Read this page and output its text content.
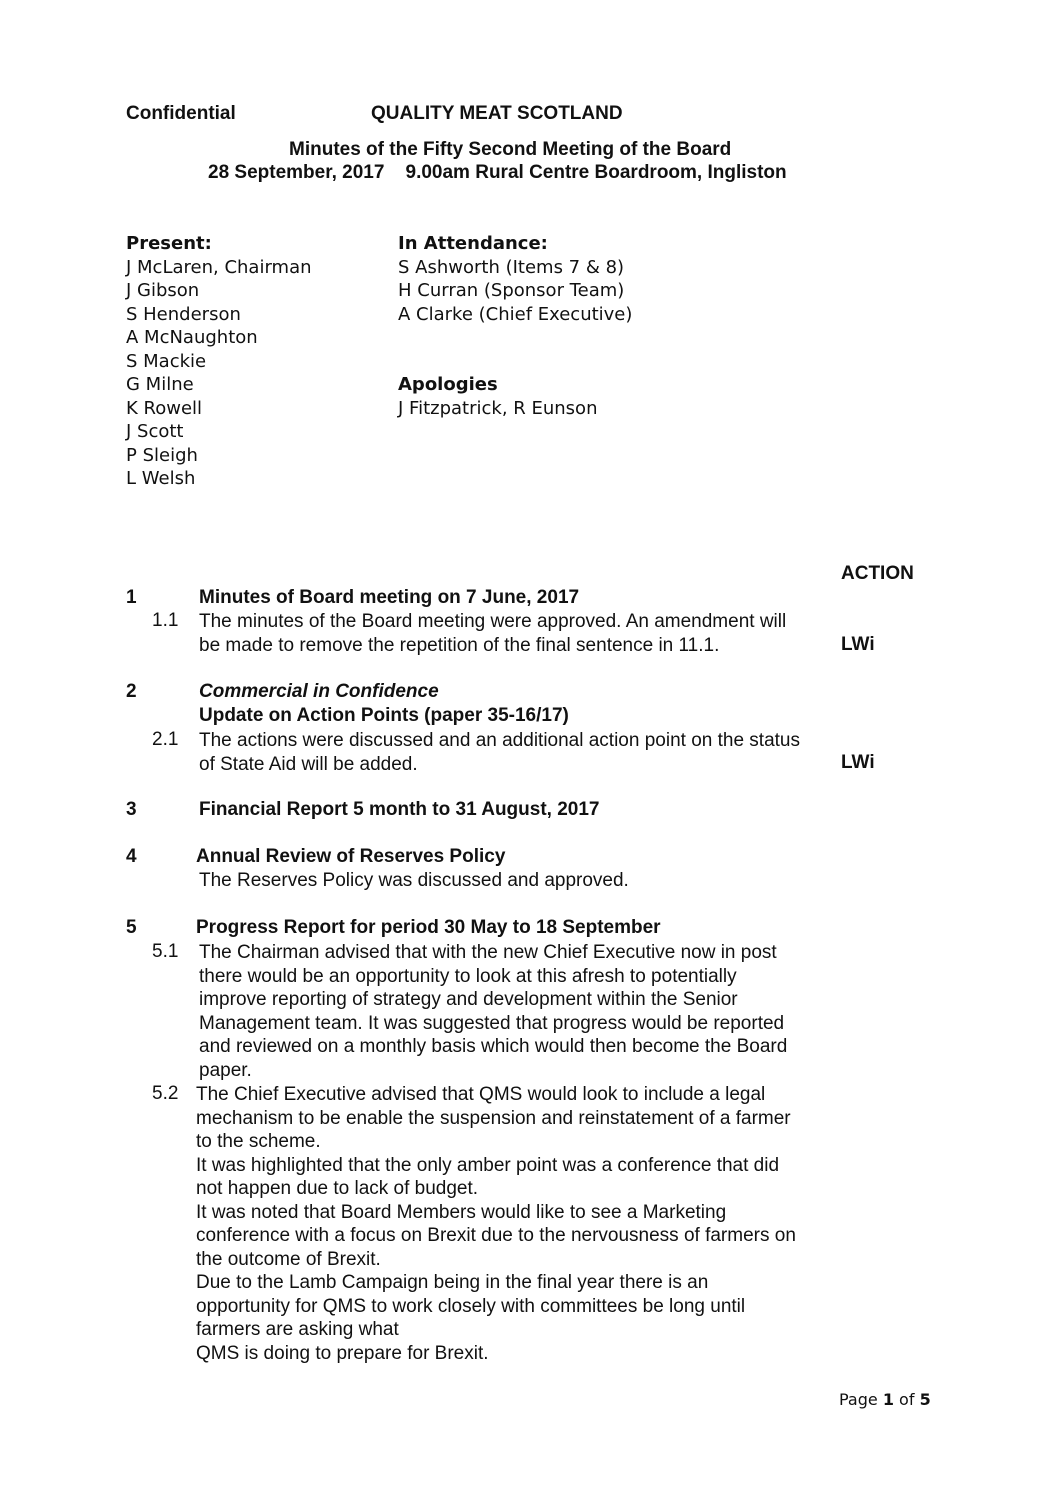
Confidential	QUALITY MEAT SCOTLAND
Minutes of the Fifty Second Meeting of the Board
28 September, 2017    9.00am Rural Centre Boardroom, Ingliston
Present:
J McLaren, Chairman
J Gibson
S Henderson
A McNaughton
S Mackie
G Milne
K Rowell
J Scott
P Sleigh
L Welsh
In Attendance:
S Ashworth (Items 7 & 8)
H Curran (Sponsor Team)
A Clarke (Chief Executive)
Apologies
J Fitzpatrick, R Eunson
ACTION
1	Minutes of Board meeting on 7 June, 2017
1.1 The minutes of the Board meeting were approved. An amendment will
be made to remove the repetition of the final sentence in 11.1.	LWi
2	Commercial in Confidence
Update on Action Points (paper 35-16/17)
2.1 The actions were discussed and an additional action point on the status
of State Aid will be added.	LWi
3	Financial Report 5 month to 31 August, 2017
4	Annual Review of Reserves Policy
The Reserves Policy was discussed and approved.
5	Progress Report for period 30 May to 18 September
5.1 The Chairman advised that with the new Chief Executive now in post
there would be an opportunity to look at this afresh to potentially
improve reporting of strategy and development within the Senior
Management team. It was suggested that progress would be reported
and reviewed on a monthly basis which would then become the Board
paper.
5.2 The Chief Executive advised that QMS would look to include a legal
mechanism to be enable the suspension and reinstatement of a farmer
to the scheme.
It was highlighted that the only amber point was a conference that did
not happen due to lack of budget.
It was noted that Board Members would like to see a Marketing
conference with a focus on Brexit due to the nervousness of farmers on
the outcome of Brexit.
Due to the Lamb Campaign being in the final year there is an
opportunity for QMS to work closely with committees be long until
farmers are asking what
QMS is doing to prepare for Brexit.
Page 1 of 5
